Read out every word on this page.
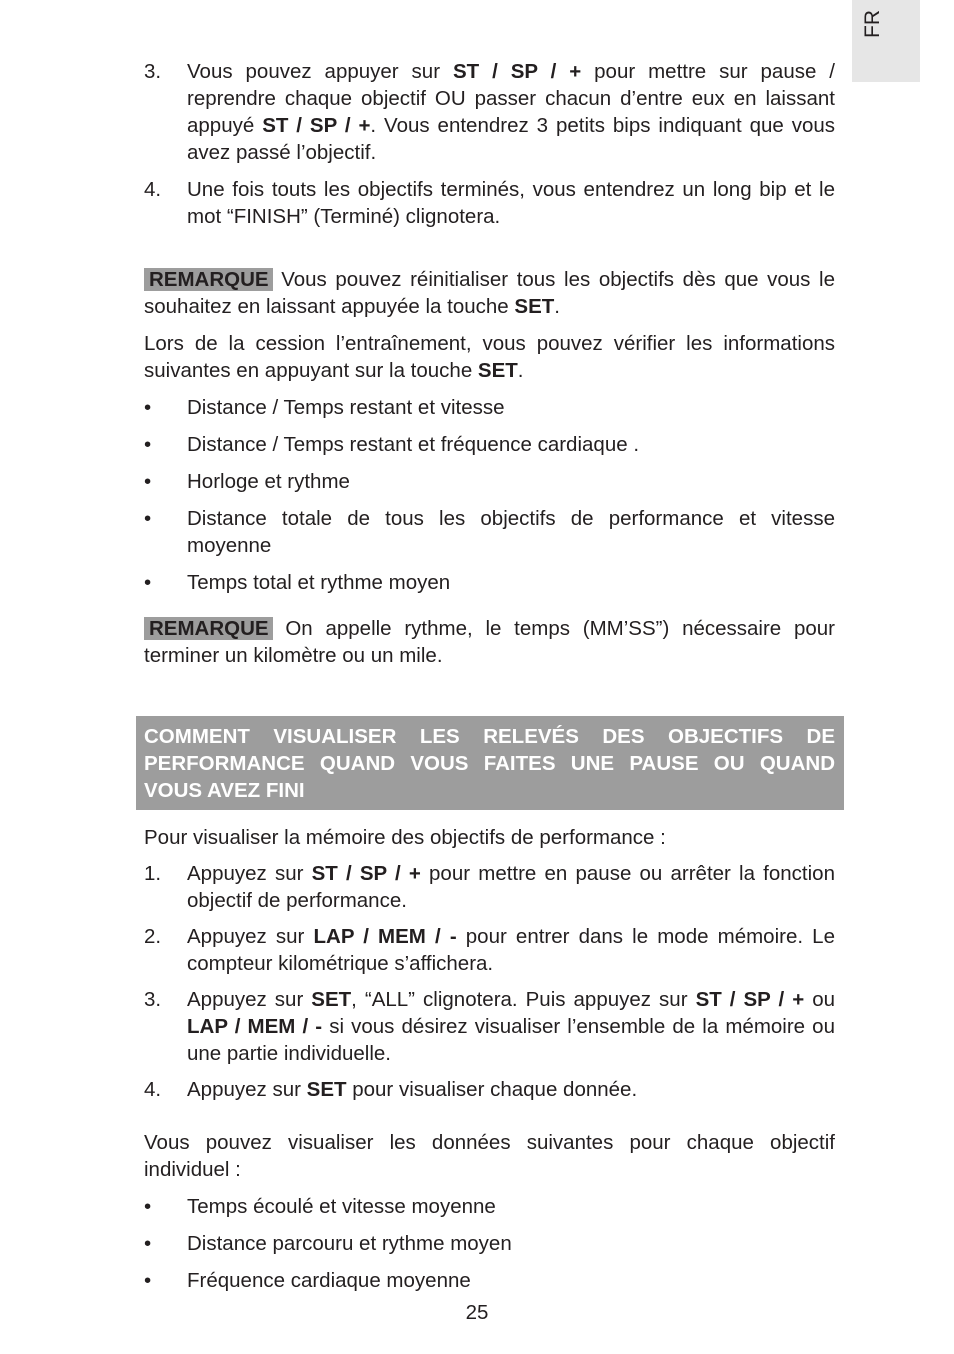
FR
3. Vous pouvez appuyer sur ST / SP / + pour mettre sur pause / reprendre chaque objectif OU passer chacun d’entre eux en laissant appuyé ST / SP / +. Vous entendrez 3 petits bips indiquant que vous avez passé l’objectif.
4. Une fois touts les objectifs terminés, vous entendrez un long bip et le mot “FINISH” (Terminé) clignotera.

REMARQUE Vous pouvez réinitialiser tous les objectifs dès que vous le souhaitez en laissant appuyée la touche SET.

Lors de la cession l’entraînement, vous pouvez vérifier les informations suivantes en appuyant sur la touche SET.

• Distance / Temps restant et vitesse
• Distance / Temps restant et fréquence cardiaque .
• Horloge et rythme
• Distance totale de tous les objectifs de performance et vitesse moyenne
• Temps total et rythme moyen

REMARQUE On appelle rythme, le temps (MM’SS”) nécessaire pour terminer un kilomètre ou un mile.

COMMENT VISUALISER LES RELEVÉS DES OBJECTIFS DE
PERFORMANCE QUAND VOUS FAITES UNE PAUSE OU QUAND
VOUS AVEZ FINI

Pour visualiser la mémoire des objectifs de performance :

1. Appuyez sur ST / SP / + pour mettre en pause ou arrêter la fonction objectif de performance.
2. Appuyez sur LAP / MEM / - pour entrer dans le mode mémoire. Le compteur kilométrique s’affichera.
3. Appuyez sur SET, “ALL” clignotera. Puis appuyez sur ST / SP / + ou LAP / MEM / - si vous désirez visualiser l’ensemble de la mémoire ou une partie individuelle.
4. Appuyez sur SET pour visualiser chaque donnée.

Vous pouvez visualiser les données suivantes pour chaque objectif individuel :

• Temps écoulé et vitesse moyenne
• Distance parcouru et rythme moyen
• Fréquence cardiaque moyenne
25
